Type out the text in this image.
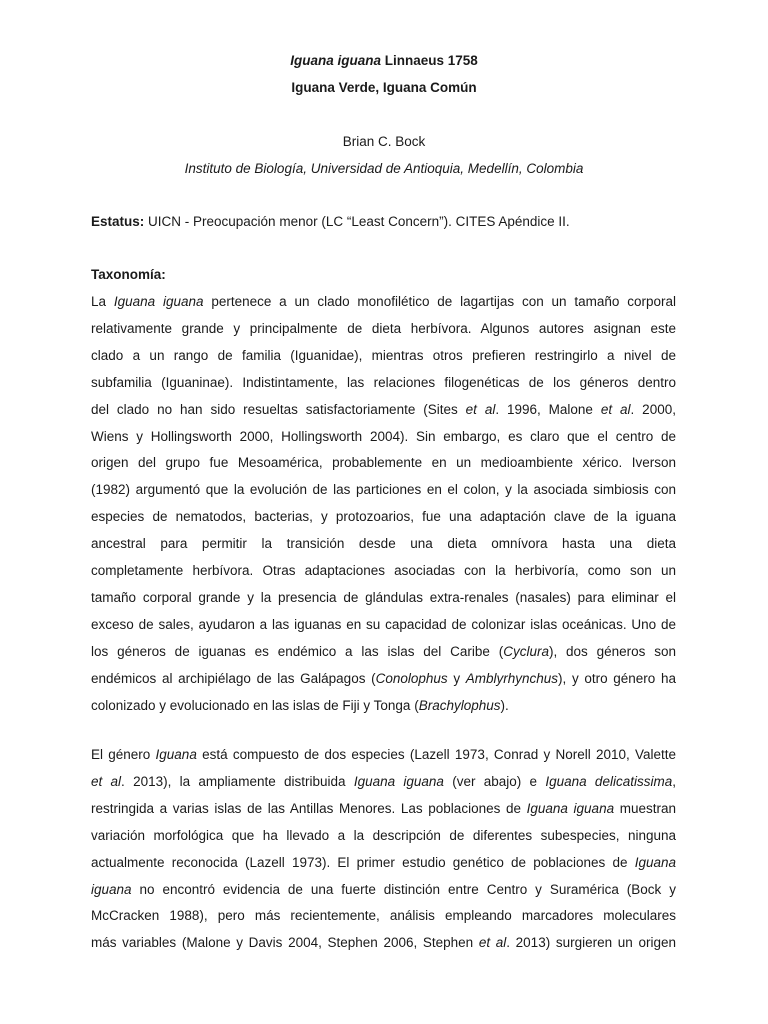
Iguana iguana Linnaeus 1758
Iguana Verde, Iguana Común
Brian C. Bock
Instituto de Biología, Universidad de Antioquia, Medellín, Colombia
Estatus: UICN - Preocupación menor (LC “Least Concern”). CITES Apéndice II.
Taxonomía:
La Iguana iguana pertenece a un clado monofilético de lagartijas con un tamaño corporal
relativamente grande y principalmente de dieta herbívora. Algunos autores asignan este
clado a un rango de familia (Iguanidae), mientras otros prefieren restringirlo a nivel de
subfamilia (Iguaninae). Indistintamente, las relaciones filogenéticas de los géneros dentro
del clado no han sido resueltas satisfactoriamente (Sites et al. 1996, Malone et al. 2000,
Wiens y Hollingsworth 2000, Hollingsworth 2004). Sin embargo, es claro que el centro de
origen del grupo fue Mesoamérica, probablemente en un medioambiente xérico. Iverson
(1982) argumentó que la evolución de las particiones en el colon, y la asociada simbiosis con
especies de nematodos, bacterias, y protozoarios, fue una adaptación clave de la iguana
ancestral para permitir la transición desde una dieta omnívora hasta una dieta
completamente herbívora. Otras adaptaciones asociadas con la herbivoría, como son un
tamaño corporal grande y la presencia de glándulas extra-renales (nasales) para eliminar el
exceso de sales, ayudaron a las iguanas en su capacidad de colonizar islas oceánicas. Uno de
los géneros de iguanas es endémico a las islas del Caribe (Cyclura), dos géneros son
endémicos al archipiélago de las Galápagos (Conolophus y Amblyrhynchus), y otro género ha
colonizado y evolucionado en las islas de Fiji y Tonga (Brachylophus).
El género Iguana está compuesto de dos especies (Lazell 1973, Conrad y Norell 2010, Valette
et al. 2013), la ampliamente distribuida Iguana iguana (ver abajo) e Iguana delicatissima,
restringida a varias islas de las Antillas Menores. Las poblaciones de Iguana iguana muestran
variación morfológica que ha llevado a la descripción de diferentes subespecies, ninguna
actualmente reconocida (Lazell 1973). El primer estudio genético de poblaciones de Iguana
iguana no encontró evidencia de una fuerte distinción entre Centro y Suramérica (Bock y
McCracken 1988), pero más recientemente, análisis empleando marcadores moleculares
más variables (Malone y Davis 2004, Stephen 2006, Stephen et al. 2013) surgieren un origen
